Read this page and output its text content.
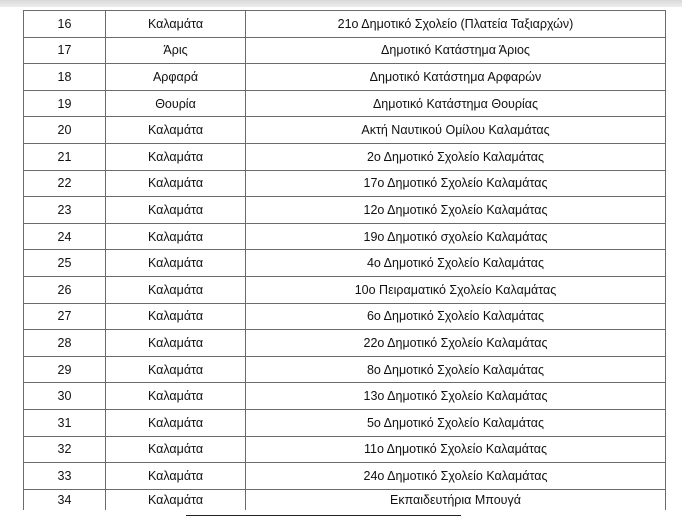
16	Καλαμάτα	21ο Δημοτικό Σχολείο (Πλατεία Ταξιαρχών)
17	Άρις	Δημοτικό Κατάστημα Άριος
18	Αρφαρά	Δημοτικό Κατάστημα Αρφαρών
19	Θουρία	Δημοτικό Κατάστημα Θουρίας
20	Καλαμάτα	Ακτή Ναυτικού Ομίλου Καλαμάτας
21	Καλαμάτα	2ο Δημοτικό Σχολείο Καλαμάτας
22	Καλαμάτα	17ο Δημοτικό Σχολείο Καλαμάτας
23	Καλαμάτα	12ο Δημοτικό Σχολείο Καλαμάτας
24	Καλαμάτα	19ο Δημοτικό σχολείο Καλαμάτας
25	Καλαμάτα	4ο Δημοτικό Σχολείο Καλαμάτας
26	Καλαμάτα	10ο Πειραματικό Σχολείο Καλαμάτας
27	Καλαμάτα	6ο Δημοτικό Σχολείο Καλαμάτας
28	Καλαμάτα	22ο Δημοτικό Σχολείο Καλαμάτας
29	Καλαμάτα	8ο Δημοτικό Σχολείο Καλαμάτας
30	Καλαμάτα	13ο Δημοτικό Σχολείο Καλαμάτας
31	Καλαμάτα	5ο Δημοτικό Σχολείο Καλαμάτας
32	Καλαμάτα	11ο Δημοτικό Σχολείο Καλαμάτας
33	Καλαμάτα	24ο Δημοτικό Σχολείο Καλαμάτας
34	Καλαμάτα	Εκπαιδευτήρια Μπουγά
